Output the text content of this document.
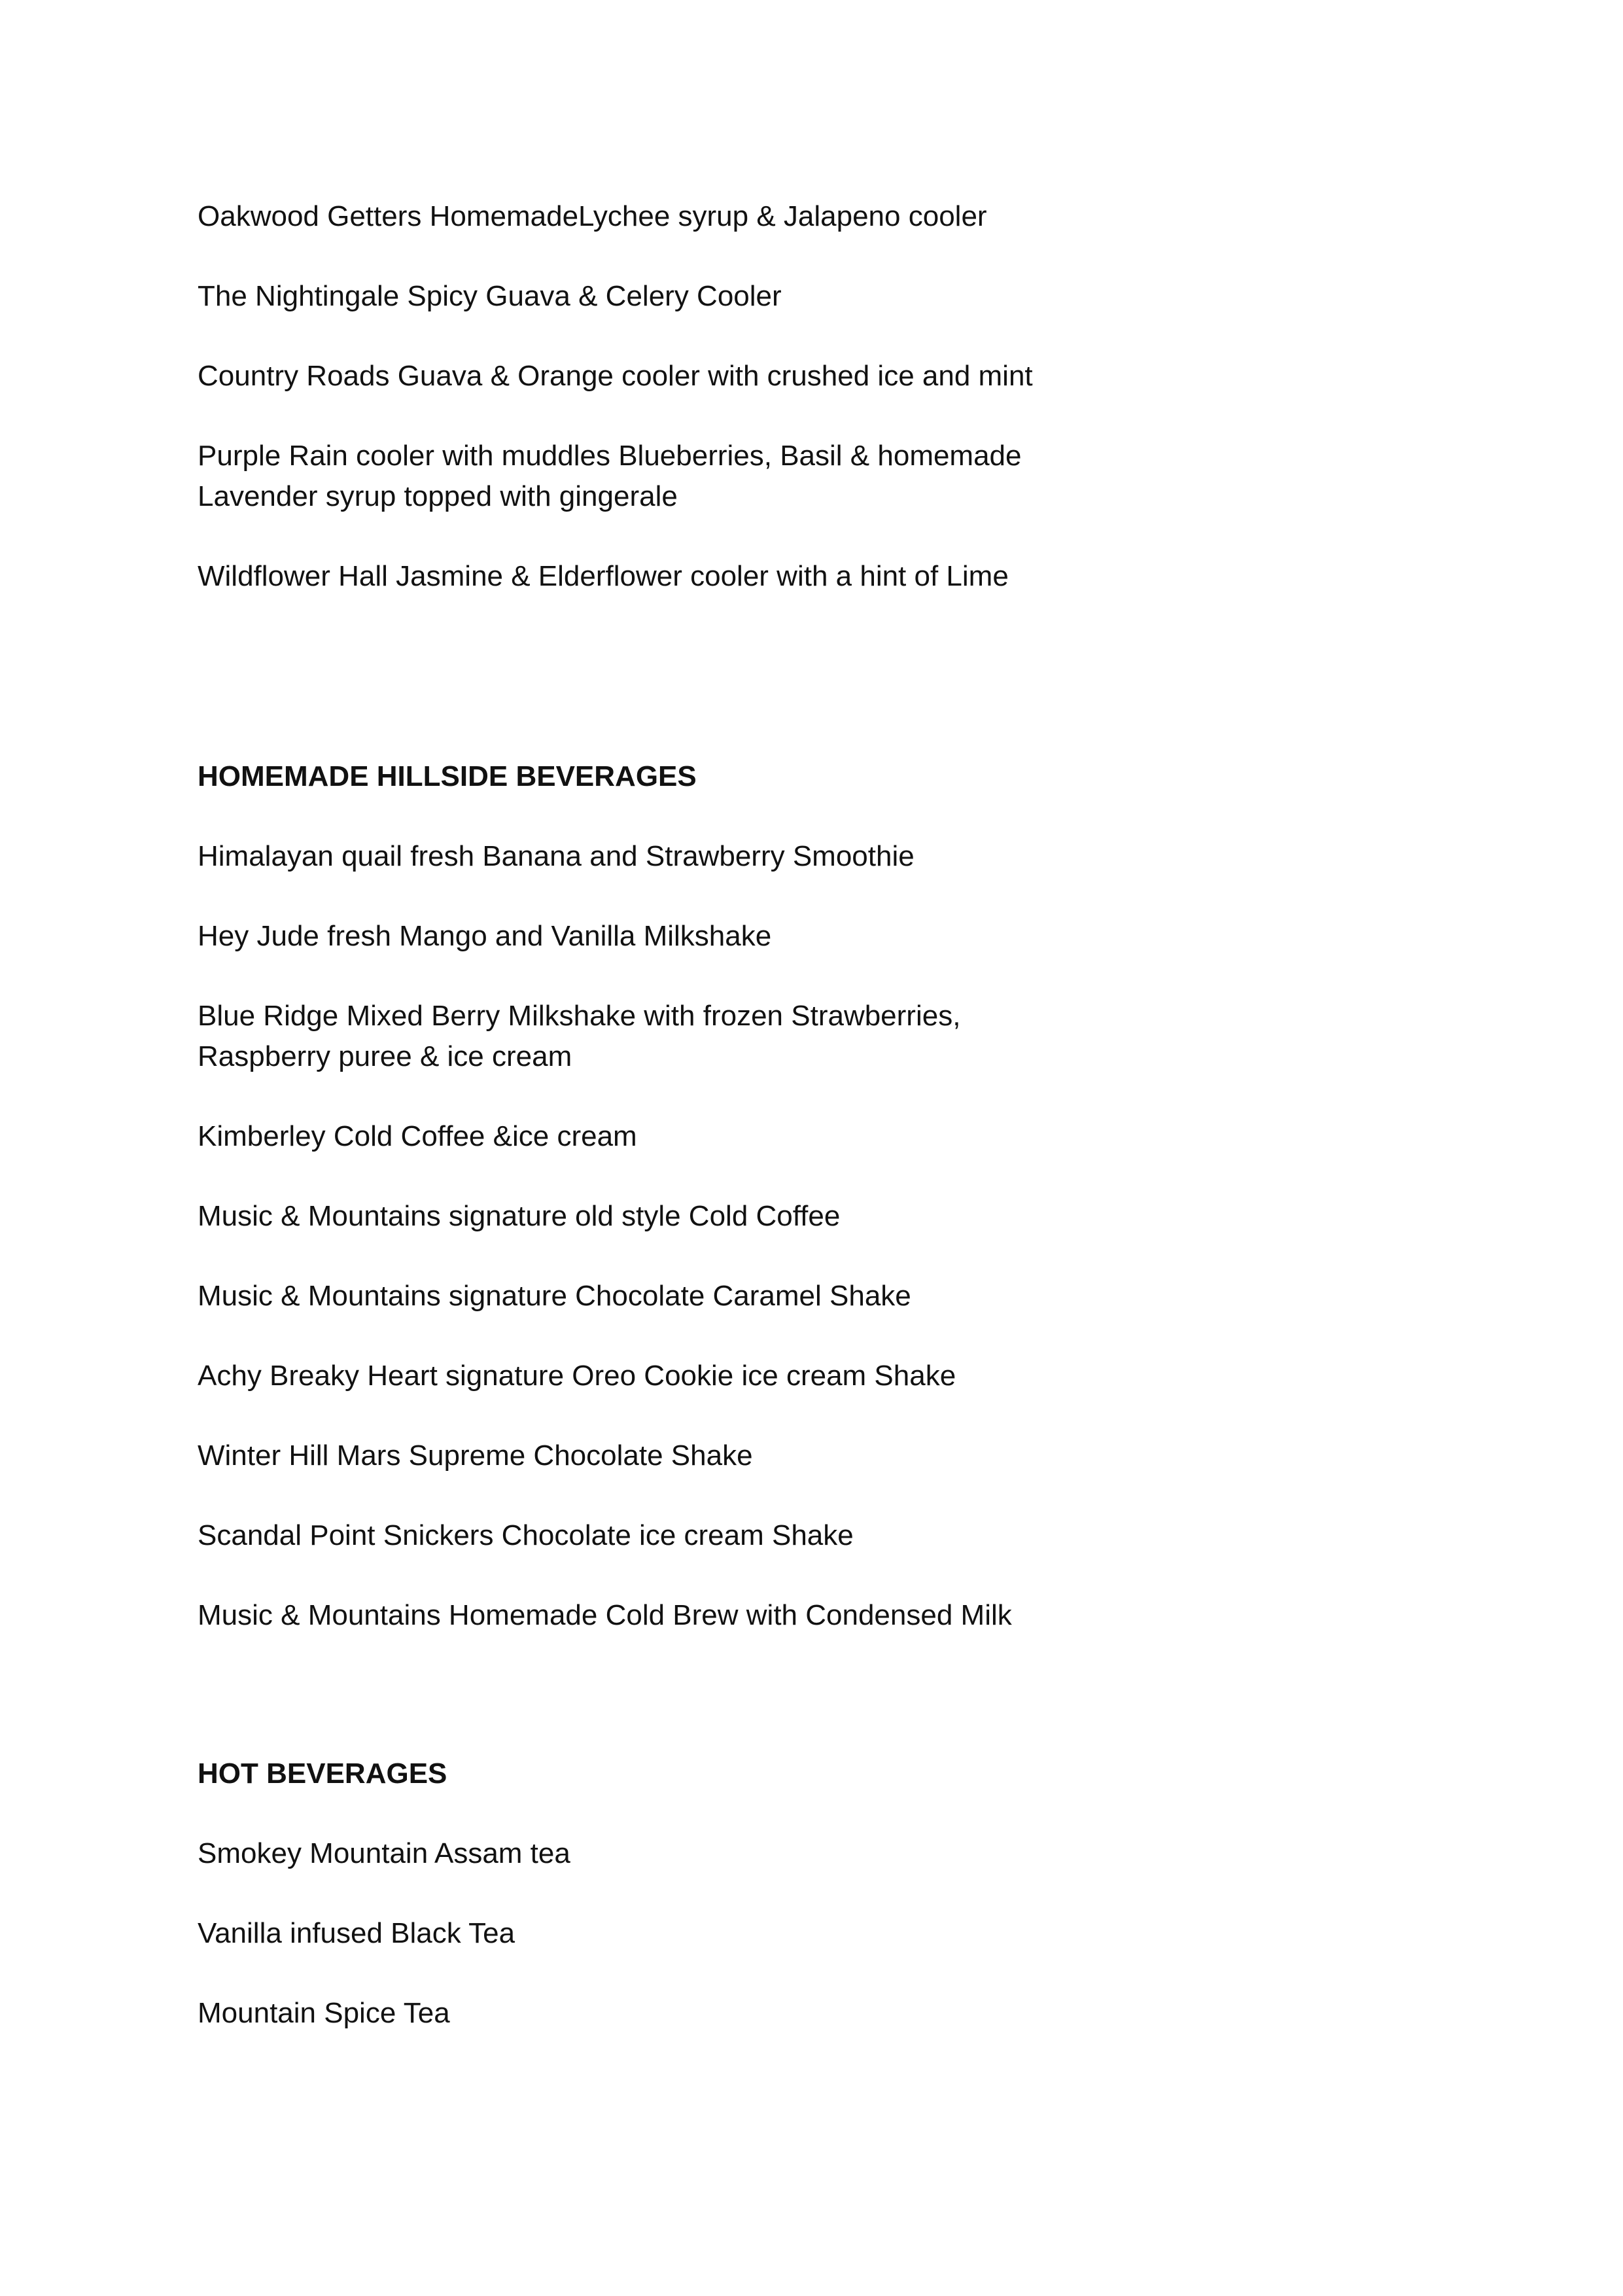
Oakwood Getters HomemadeLychee syrup & Jalapeno cooler

The Nightingale Spicy Guava & Celery Cooler

Country Roads Guava & Orange cooler with crushed ice and mint

Purple Rain cooler with muddles Blueberries, Basil & homemade
Lavender syrup topped with gingerale

Wildflower Hall Jasmine & Elderflower cooler with a hint of Lime

HOMEMADE HILLSIDE BEVERAGES

Himalayan quail fresh Banana and Strawberry Smoothie

Hey Jude fresh Mango and Vanilla Milkshake

Blue Ridge Mixed Berry Milkshake with frozen Strawberries,
Raspberry puree & ice cream

Kimberley Cold Coffee &ice cream

Music & Mountains signature old style Cold Coffee

Music & Mountains signature Chocolate Caramel Shake

Achy Breaky Heart signature Oreo Cookie ice cream Shake

Winter Hill Mars Supreme Chocolate Shake

Scandal Point Snickers Chocolate ice cream Shake

Music & Mountains Homemade Cold Brew with Condensed Milk

HOT BEVERAGES

Smokey Mountain Assam tea

Vanilla infused Black Tea

Mountain Spice Tea
